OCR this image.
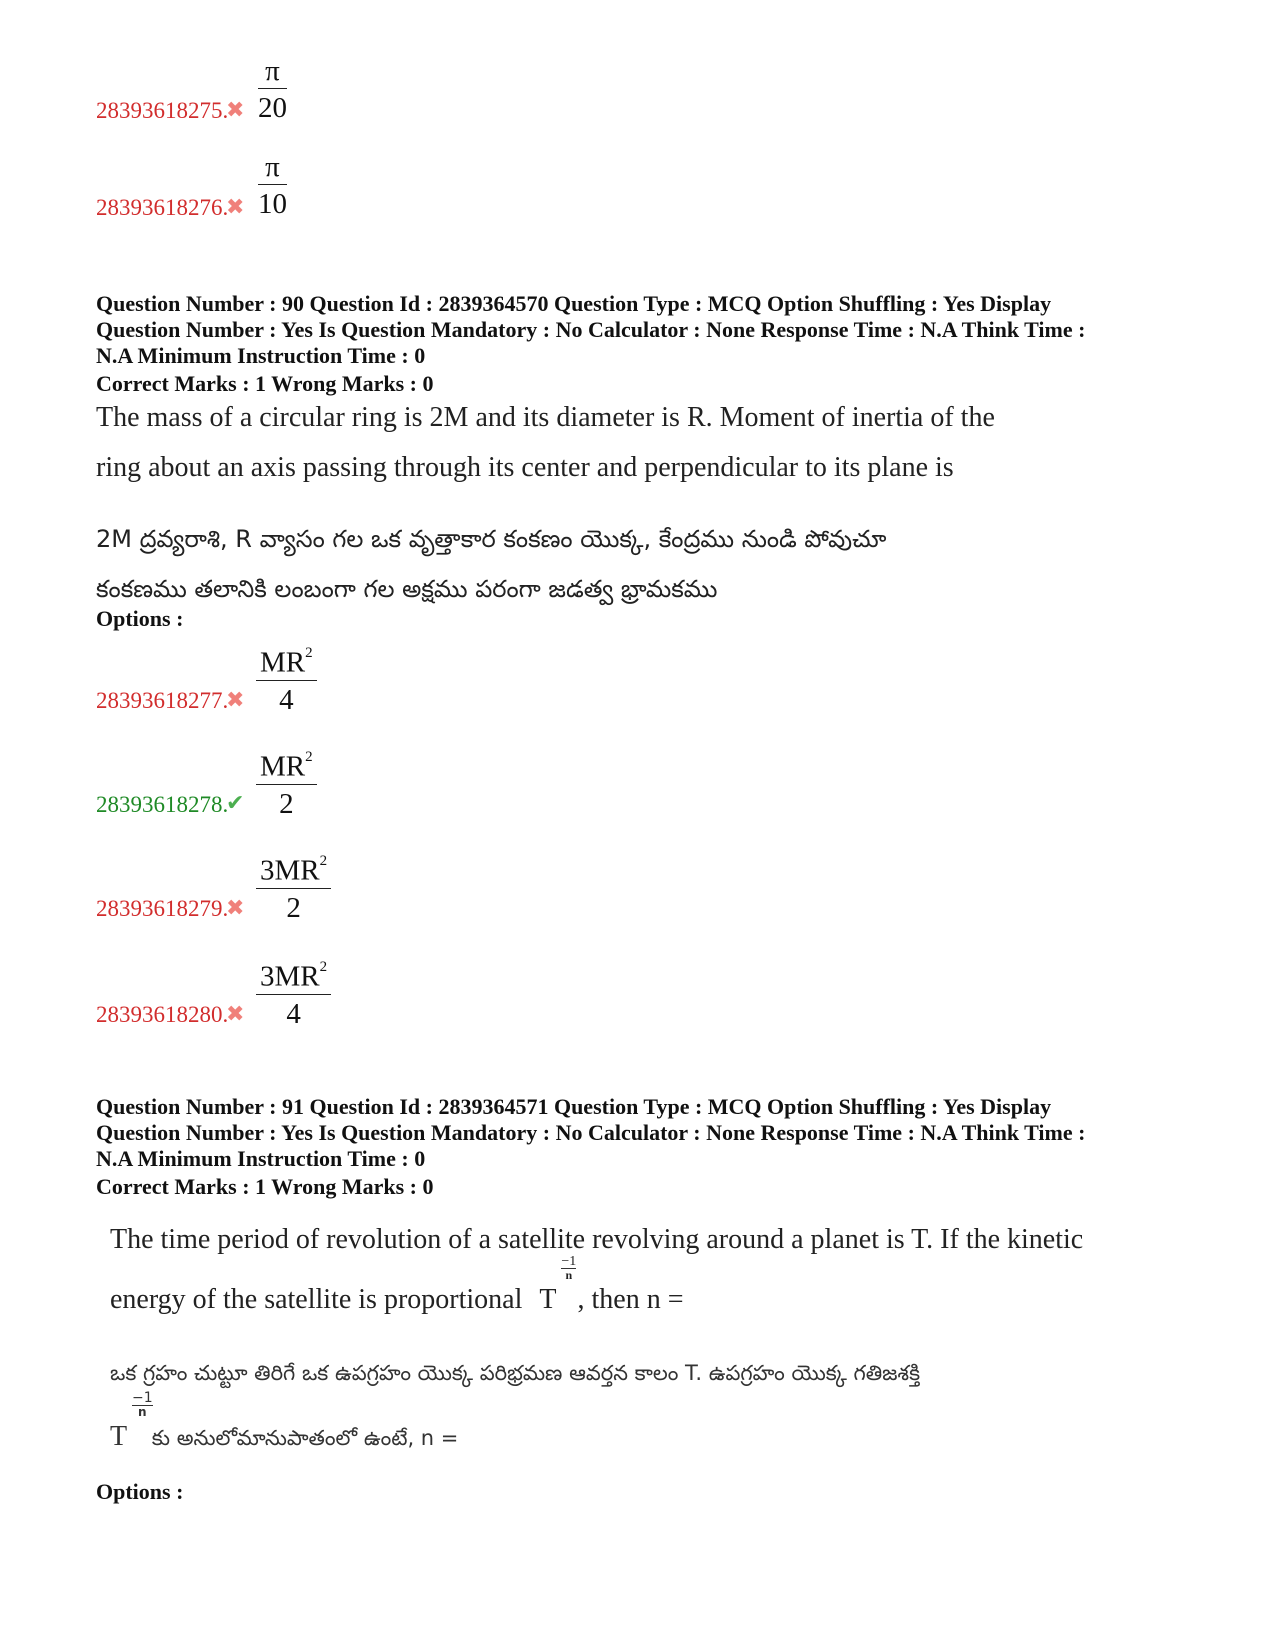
28393618275.
✖ $\frac{\pi}{20}$
28393618276.
✖ $\frac{\pi}{10}$
Question Number : 90 Question Id : 2839364570 Question Type : MCQ Option Shuffling : Yes Display
Question Number : Yes Is Question Mandatory : No Calculator : None Response Time : N.A Think Time :
N.A Minimum Instruction Time : 0
Correct Marks : 1 Wrong Marks : 0
The mass of a circular ring is 2M and its diameter is R. Moment of inertia of the
ring about an axis passing through its center and perpendicular to its plane is
2M ద్రవ్యరాశి, R వ్యాసం గల ఒక వృత్తాకార కంకణం యొక్క, కేంద్రము నుండి పోవుచూ
కంకణము తలానికి లంబంగా గల అక్షము పరంగా జడత్వ భ్రామకము
Options :
28393618277.
✖ $\frac{MR^2}{4}$
28393618278.
✔ $\frac{MR^2}{2}$
28393618279.
✖ $\frac{3MR^2}{2}$
28393618280.
✖ $\frac{3MR^2}{4}$
Question Number : 91 Question Id : 2839364571 Question Type : MCQ Option Shuffling : Yes Display
Question Number : Yes Is Question Mandatory : No Calculator : None Response Time : N.A Think Time :
N.A Minimum Instruction Time : 0
Correct Marks : 1 Wrong Marks : 0
The time period of revolution of a satellite revolving around a planet is T. If the kinetic
energy of the satellite is proportional T
$\frac{-1}{n}$
, then n =
ఒక గ్రహం చుట్టూ తిరిగే ఒక ఉపగ్రహం యొక్క పరిభ్రమణ ఆవర్తన కాలం T. ఉపగ్రహం యొక్క గతిజశక్తి
T
$\frac{-1}{n}$
కు అనులోమానుపాతంలో ఉంటే, n =
Options :
